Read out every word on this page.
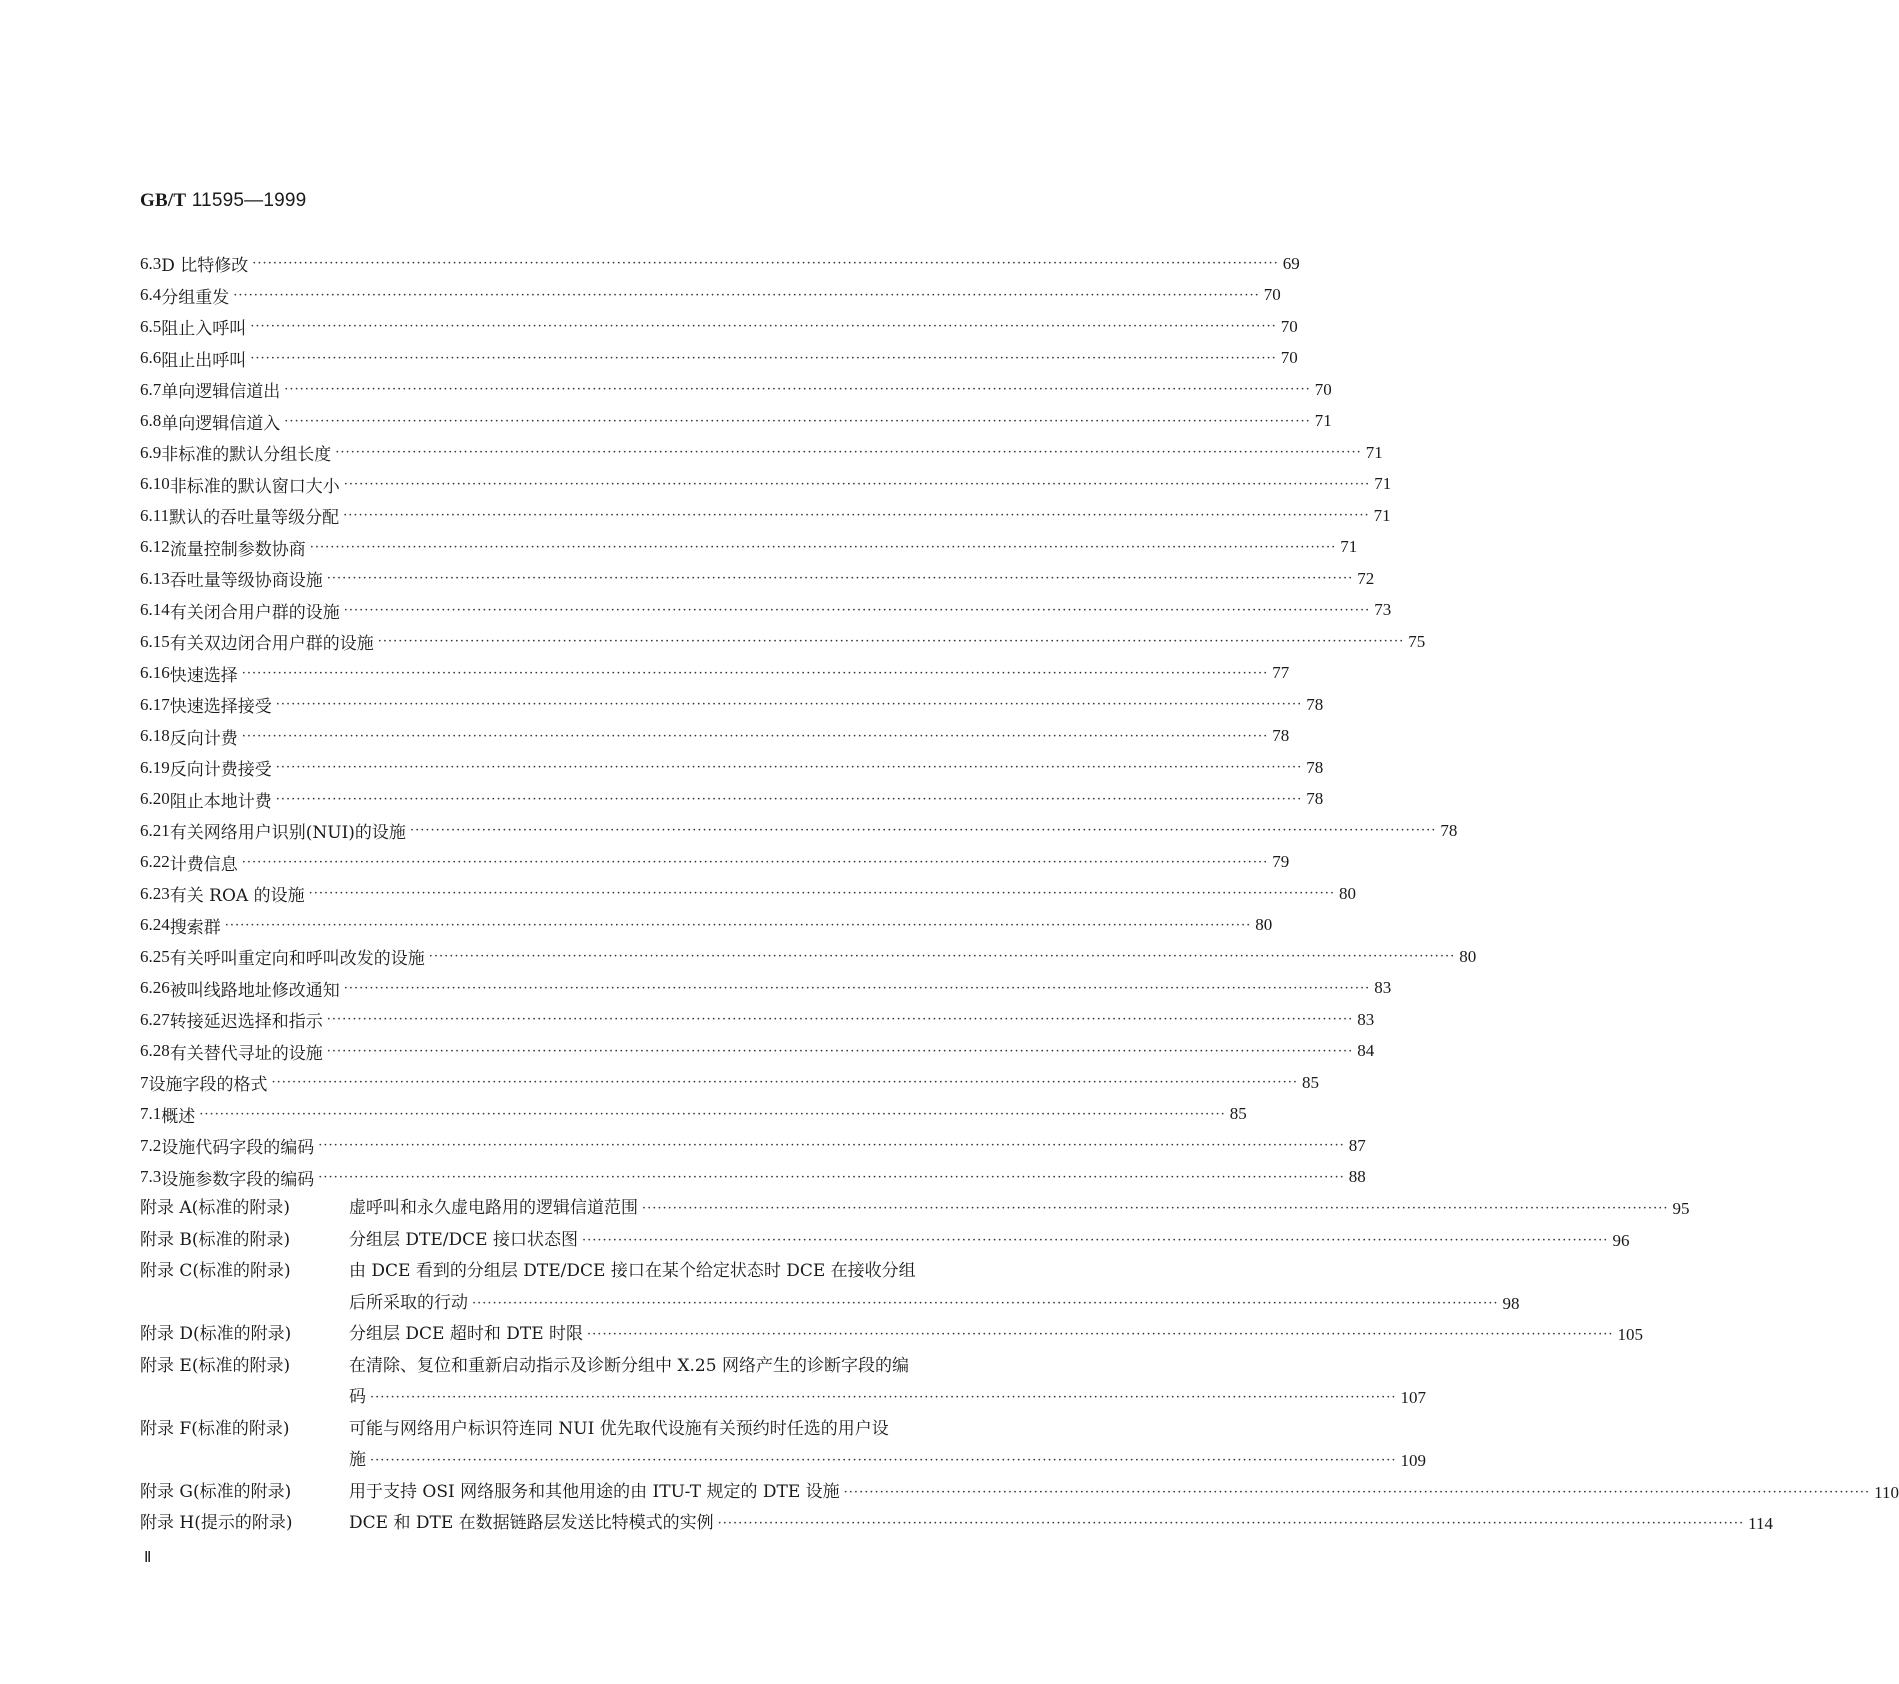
GB/T 11595—1999
6.3 D 比特修改 ········································································································································································································ 69
6.4 分组重发 ········································································································································································································ 70
6.5 阻止入呼叫 ········································································································································································································ 70
6.6 阻止出呼叫 ········································································································································································································ 70
6.7 单向逻辑信道出 ········································································································································································································ 70
6.8 单向逻辑信道入 ········································································································································································································ 71
6.9 非标准的默认分组长度 ········································································································································································································ 71
6.10 非标准的默认窗口大小 ········································································································································································································ 71
6.11 默认的吞吐量等级分配 ········································································································································································································ 71
6.12 流量控制参数协商 ········································································································································································································ 71
6.13 吞吐量等级协商设施 ········································································································································································································ 72
6.14 有关闭合用户群的设施 ········································································································································································································ 73
6.15 有关双边闭合用户群的设施 ········································································································································································································ 75
6.16 快速选择 ········································································································································································································ 77
6.17 快速选择接受 ········································································································································································································ 78
6.18 反向计费 ········································································································································································································ 78
6.19 反向计费接受 ········································································································································································································ 78
6.20 阻止本地计费 ········································································································································································································ 78
6.21 有关网络用户识别(NUI)的设施 ········································································································································································································ 78
6.22 计费信息 ········································································································································································································ 79
6.23 有关 ROA 的设施 ········································································································································································································ 80
6.24 搜索群 ········································································································································································································ 80
6.25 有关呼叫重定向和呼叫改发的设施 ········································································································································································································ 80
6.26 被叫线路地址修改通知 ········································································································································································································ 83
6.27 转接延迟选择和指示 ········································································································································································································ 83
6.28 有关替代寻址的设施 ········································································································································································································ 84
7 设施字段的格式 ········································································································································································································ 85
7.1 概述 ········································································································································································································ 85
7.2 设施代码字段的编码 ········································································································································································································ 87
7.3 设施参数字段的编码 ········································································································································································································ 88
附录 A(标准的附录)	虚呼叫和永久虚电路用的逻辑信道范围 ········································································································································································································ 95
附录 B(标准的附录)	分组层 DTE/DCE 接口状态图 ········································································································································································································ 96
附录 C(标准的附录)	由 DCE 看到的分组层 DTE/DCE 接口在某个给定状态时 DCE 在接收分组
后所采取的行动 ········································································································································································································ 98
附录 D(标准的附录)	分组层 DCE 超时和 DTE 时限 ········································································································································································································ 105
附录 E(标准的附录)	在清除、复位和重新启动指示及诊断分组中 X.25 网络产生的诊断字段的编
码 ········································································································································································································ 107
附录 F(标准的附录)	可能与网络用户标识符连同 NUI 优先取代设施有关预约时任选的用户设
施 ········································································································································································································ 109
附录 G(标准的附录)	用于支持 OSI 网络服务和其他用途的由 ITU-T 规定的 DTE 设施 ········································································································································································································ 110
附录 H(提示的附录)	DCE 和 DTE 在数据链路层发送比特模式的实例 ········································································································································································································ 114
Ⅱ
